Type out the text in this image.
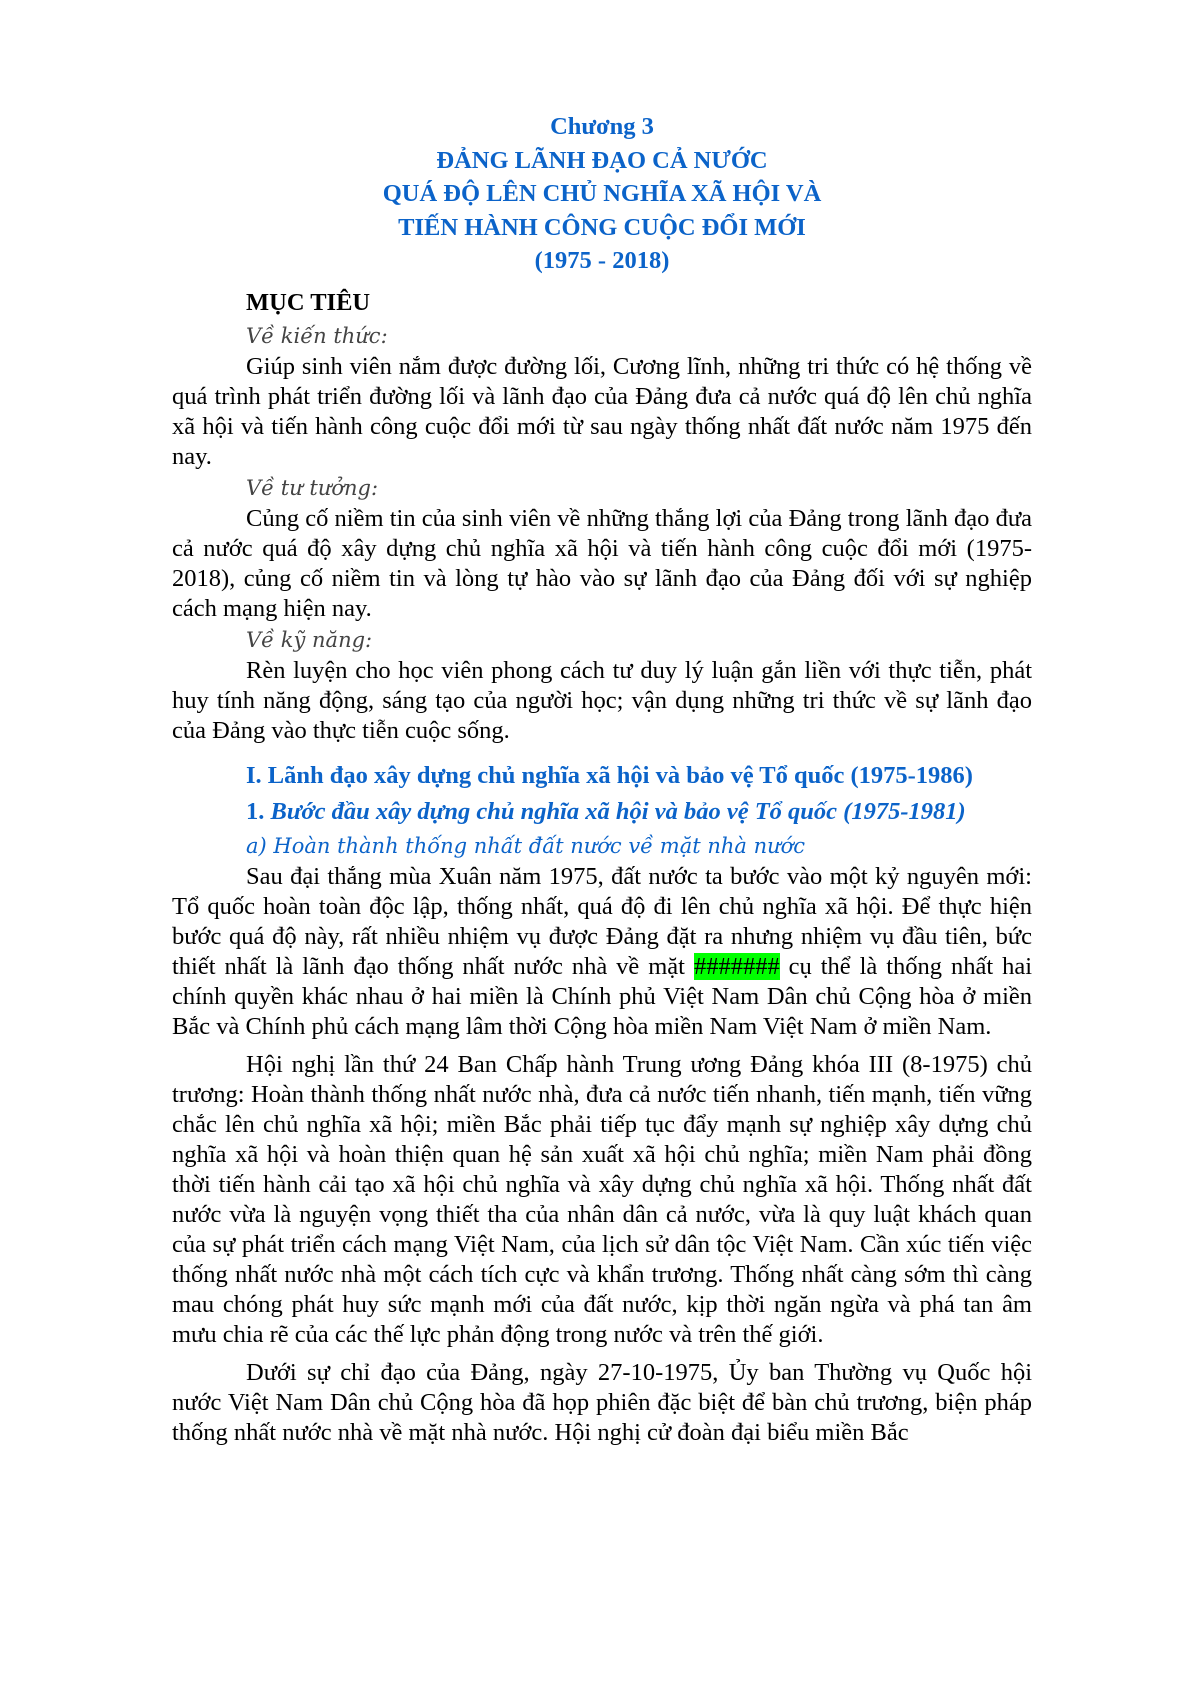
Chương 3
ĐẢNG LÃNH ĐẠO CẢ NƯỚC
QUÁ ĐỘ LÊN CHỦ NGHĨA XÃ HỘI VÀ
TIẾN HÀNH CÔNG CUỘC ĐỔI MỚI
(1975 - 2018)
MỤC TIÊU
Về kiến thức:

Giúp sinh viên nắm được đường lối, Cương lĩnh, những tri thức có hệ thống về quá trình phát triển đường lối và lãnh đạo của Đảng đưa cả nước quá độ lên chủ nghĩa xã hội và tiến hành công cuộc đổi mới từ sau ngày thống nhất đất nước năm 1975 đến nay.

Về tư tưởng:

Củng cố niềm tin của sinh viên về những thắng lợi của Đảng trong lãnh đạo đưa cả nước quá độ xây dựng chủ nghĩa xã hội và tiến hành công cuộc đổi mới (1975-2018), củng cố niềm tin và lòng tự hào vào sự lãnh đạo của Đảng đối với sự nghiệp cách mạng hiện nay.

Về kỹ năng:

Rèn luyện cho học viên phong cách tư duy lý luận gắn liền với thực tiễn, phát huy tính năng động, sáng tạo của người học; vận dụng những tri thức về sự lãnh đạo của Đảng vào thực tiễn cuộc sống.

I. Lãnh đạo xây dựng chủ nghĩa xã hội và bảo vệ Tổ quốc (1975-1986)
1. Bước đầu xây dựng chủ nghĩa xã hội và bảo vệ Tổ quốc (1975-1981)
a) Hoàn thành thống nhất đất nước về mặt nhà nước

Sau đại thắng mùa Xuân năm 1975, đất nước ta bước vào một kỷ nguyên mới: Tổ quốc hoàn toàn độc lập, thống nhất, quá độ đi lên chủ nghĩa xã hội. Để thực hiện bước quá độ này, rất nhiều nhiệm vụ được Đảng đặt ra nhưng nhiệm vụ đầu tiên, bức thiết nhất là lãnh đạo thống nhất nước nhà về mặt ####### cụ thể là thống nhất hai chính quyền khác nhau ở hai miền là Chính phủ Việt Nam Dân chủ Cộng hòa ở miền Bắc và Chính phủ cách mạng lâm thời Cộng hòa miền Nam Việt Nam ở miền Nam.

Hội nghị lần thứ 24 Ban Chấp hành Trung ương Đảng khóa III (8-1975) chủ trương: Hoàn thành thống nhất nước nhà, đưa cả nước tiến nhanh, tiến mạnh, tiến vững chắc lên chủ nghĩa xã hội; miền Bắc phải tiếp tục đẩy mạnh sự nghiệp xây dựng chủ nghĩa xã hội và hoàn thiện quan hệ sản xuất xã hội chủ nghĩa; miền Nam phải đồng thời tiến hành cải tạo xã hội chủ nghĩa và xây dựng chủ nghĩa xã hội. Thống nhất đất nước vừa là nguyện vọng thiết tha của nhân dân cả nước, vừa là quy luật khách quan của sự phát triển cách mạng Việt Nam, của lịch sử dân tộc Việt Nam. Cần xúc tiến việc thống nhất nước nhà một cách tích cực và khẩn trương. Thống nhất càng sớm thì càng mau chóng phát huy sức mạnh mới của đất nước, kịp thời ngăn ngừa và phá tan âm mưu chia rẽ của các thế lực phản động trong nước và trên thế giới.

Dưới sự chỉ đạo của Đảng, ngày 27-10-1975, Ủy ban Thường vụ Quốc hội nước Việt Nam Dân chủ Cộng hòa đã họp phiên đặc biệt để bàn chủ trương, biện pháp thống nhất nước nhà về mặt nhà nước. Hội nghị cử đoàn đại biểu miền Bắc
